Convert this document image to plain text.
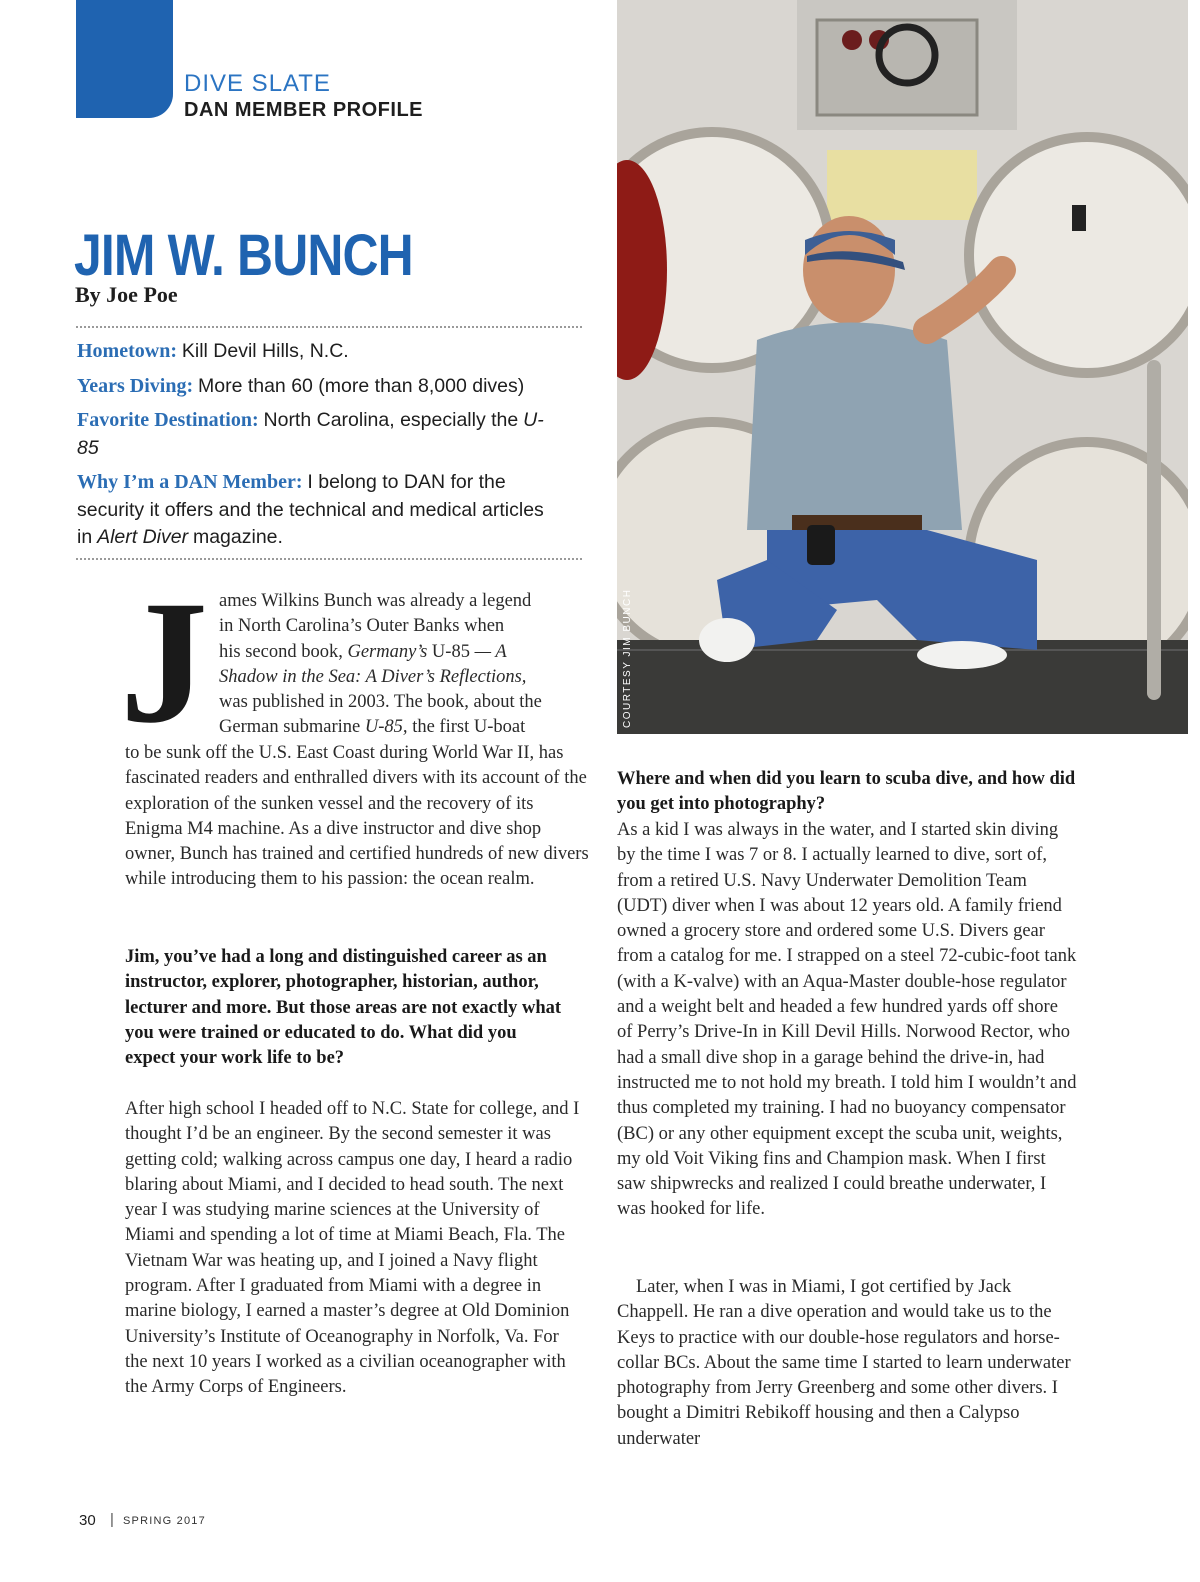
DIVE SLATE
DAN MEMBER PROFILE
JIM W. BUNCH
By Joe Poe
Hometown: Kill Devil Hills, N.C.
Years Diving: More than 60 (more than 8,000 dives)
Favorite Destination: North Carolina, especially the U-85
Why I’m a DAN Member: I belong to DAN for the security it offers and the technical and medical articles in Alert Diver magazine.
J ames Wilkins Bunch was already a legend
in North Carolina’s Outer Banks when
his second book, Germany’s U-85 — A
Shadow in the Sea: A Diver’s Reflections,
was published in 2003. The book, about the
German submarine U-85, the first U-boat
to be sunk off the U.S. East Coast during World War II, has fascinated readers and enthralled divers with its account of the exploration of the sunken vessel and the recovery of its Enigma M4 machine. As a dive instructor and dive shop owner, Bunch has trained and certified hundreds of new divers while introducing them to his passion: the ocean realm.
Jim, you’ve had a long and distinguished career as an instructor, explorer, photographer, historian, author, lecturer and more. But those areas are not exactly what you were trained or educated to do. What did you expect your work life to be?
After high school I headed off to N.C. State for college, and I thought I’d be an engineer. By the second semester it was getting cold; walking across campus one day, I heard a radio blaring about Miami, and I decided to head south. The next year I was studying marine sciences at the University of Miami and spending a lot of time at Miami Beach, Fla. The Vietnam War was heating up, and I joined a Navy flight program. After I graduated from Miami with a degree in marine biology, I earned a master’s degree at Old Dominion University’s Institute of Oceanography in Norfolk, Va. For the next 10 years I worked as a civilian oceanographer with the Army Corps of Engineers.
COURTESY JIM BUNCH
Where and when did you learn to scuba dive, and how did you get into photography?
As a kid I was always in the water, and I started skin diving by the time I was 7 or 8. I actually learned to dive, sort of, from a retired U.S. Navy Underwater Demolition Team (UDT) diver when I was about 12 years old. A family friend owned a grocery store and ordered some U.S. Divers gear from a catalog for me. I strapped on a steel 72-cubic-foot tank (with a K-valve) with an Aqua-Master double-hose regulator and a weight belt and headed a few hundred yards off shore of Perry’s Drive-In in Kill Devil Hills. Norwood Rector, who had a small dive shop in a garage behind the drive-in, had instructed me to not hold my breath. I told him I wouldn’t and thus completed my training. I had no buoyancy compensator (BC) or any other equipment except the scuba unit, weights, my old Voit Viking fins and Champion mask. When I first saw shipwrecks and realized I could breathe underwater, I was hooked for life.
Later, when I was in Miami, I got certified by Jack Chappell. He ran a dive operation and would take us to the Keys to practice with our double-hose regulators and horse-collar BCs. About the same time I started to learn underwater photography from Jerry Greenberg and some other divers. I bought a Dimitri Rebikoff housing and then a Calypso underwater
30 | SPRING 2017
